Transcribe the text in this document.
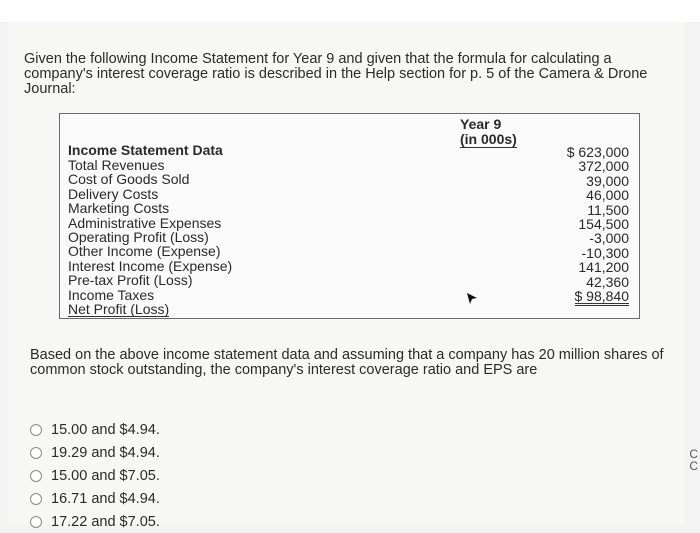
Given the following Income Statement for Year 9 and given that the formula for calculating a company's interest coverage ratio is described in the Help section for p. 5 of the Camera & Drone Journal:
Year 9
(in 000s)
Income Statement Data
Total Revenues
Cost of Goods Sold
Delivery Costs
Marketing Costs
Administrative Expenses
Operating Profit (Loss)
Other Income (Expense)
Interest Income (Expense)
Pre-tax Profit (Loss)
Income Taxes
Net Profit (Loss)
$ 623,000
372,000
39,000
46,000
11,500
154,500
-3,000
-10,300
141,200
42,360
$ 98,840
Based on the above income statement data and assuming that a company has 20 million shares of common stock outstanding, the company's interest coverage ratio and EPS are
15.00 and $4.94.
19.29 and $4.94.
15.00 and $7.05.
16.71 and $4.94.
17.22 and $7.05.
C
C
